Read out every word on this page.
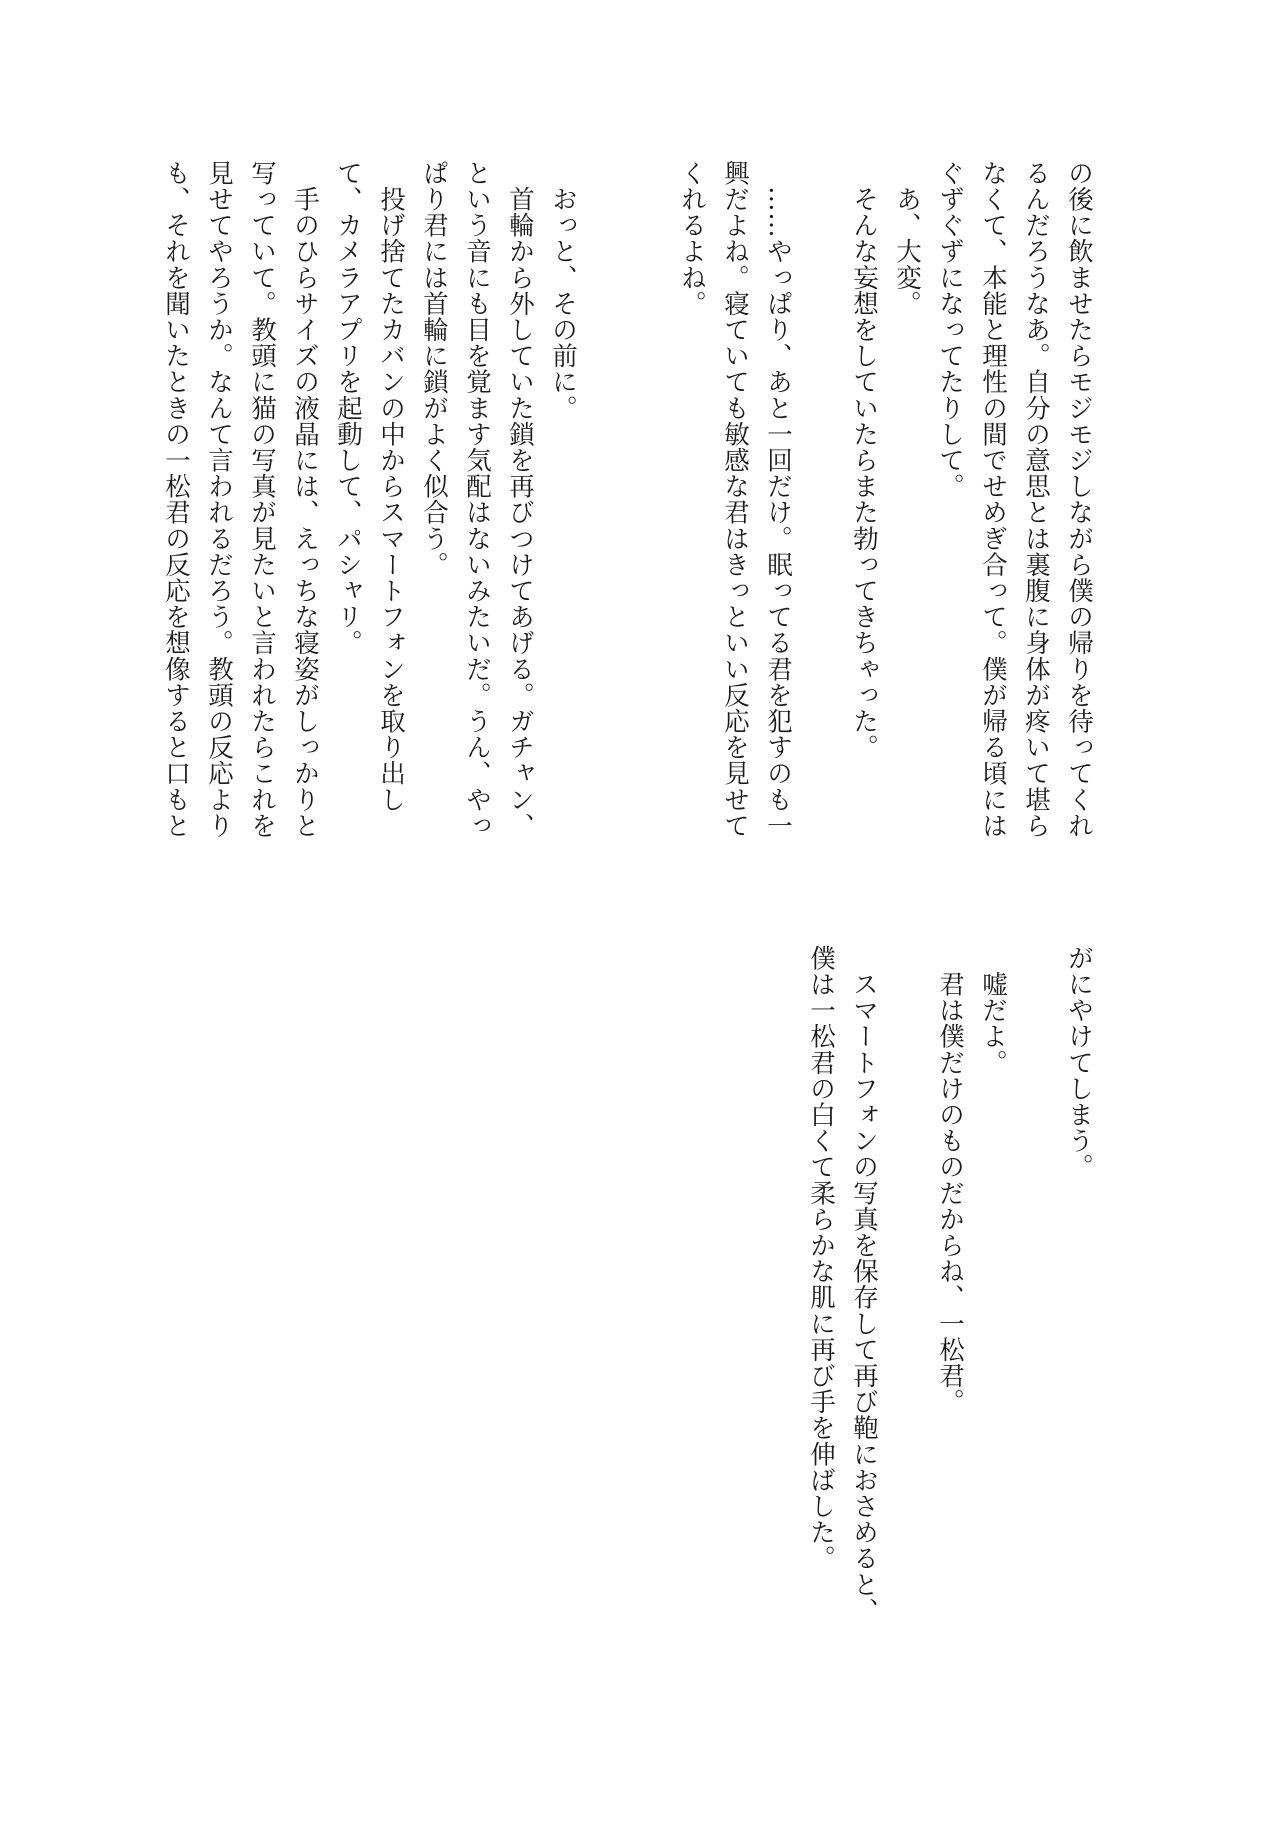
の後に飲ませたらモジモジしながら僕の帰りを待ってくれ
るんだろうなあ。自分の意思とは裏腹に身体が疼いて堪ら
なくて、本能と理性の間でせめぎ合って。僕が帰る頃には
ぐずぐずになってたりして。
　あ、大変。
　そんな妄想をしていたらまた勃ってきちゃった。

　……やっぱり、あと一回だけ。眠ってる君を犯すのも一
興だよね。寝ていても敏感な君はきっといい反応を見せて
くれるよね。

　おっと、その前に。
　首輪から外していた鎖を再びつけてあげる。ガチャン、
という音にも目を覚ます気配はないみたいだ。うん、やっ
ぱり君には首輪に鎖がよく似合う。
　投げ捨てたカバンの中からスマートフォンを取り出し
て、カメラアプリを起動して、パシャリ。
　手のひらサイズの液晶には、えっちな寝姿がしっかりと
写っていて。教頭に猫の写真が見たいと言われたらこれを
見せてやろうか。なんて言われるだろう。教頭の反応より
も、それを聞いたときの一松君の反応を想像すると口もと
がにやけてしまう。

　嘘だよ。
　君は僕だけのものだからね、一松君。

　スマートフォンの写真を保存して再び鞄におさめると、
僕は一松君の白くて柔らかな肌に再び手を伸ばした。
